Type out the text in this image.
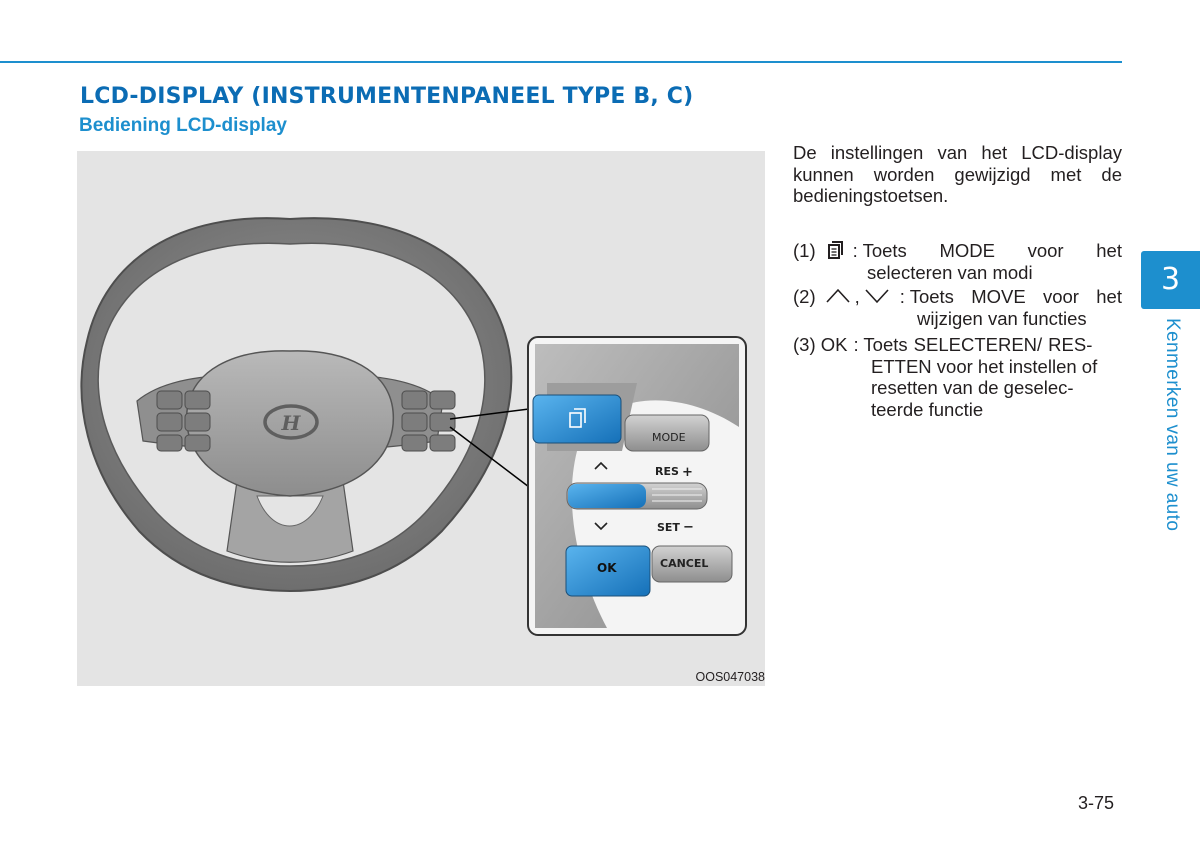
LCD-DISPLAY (INSTRUMENTENPANEEL TYPE B, C)
Bediening LCD-display
H
MODE
RES +
SET −
OK	CANCEL
OOS047038
De instellingen van het LCD-display kunnen worden gewijzigd met de
bedieningstoetsen.
(1) : Toets MODE voor het
selecteren van modi
(2) , : Toets MOVE voor het
wijzigen van functies
(3) OK : Toets SELECTEREN/ RES-
ETTEN voor het instellen of
resetten van de geselec-
teerde functie
3
Kenmerken van uw auto
3-75
